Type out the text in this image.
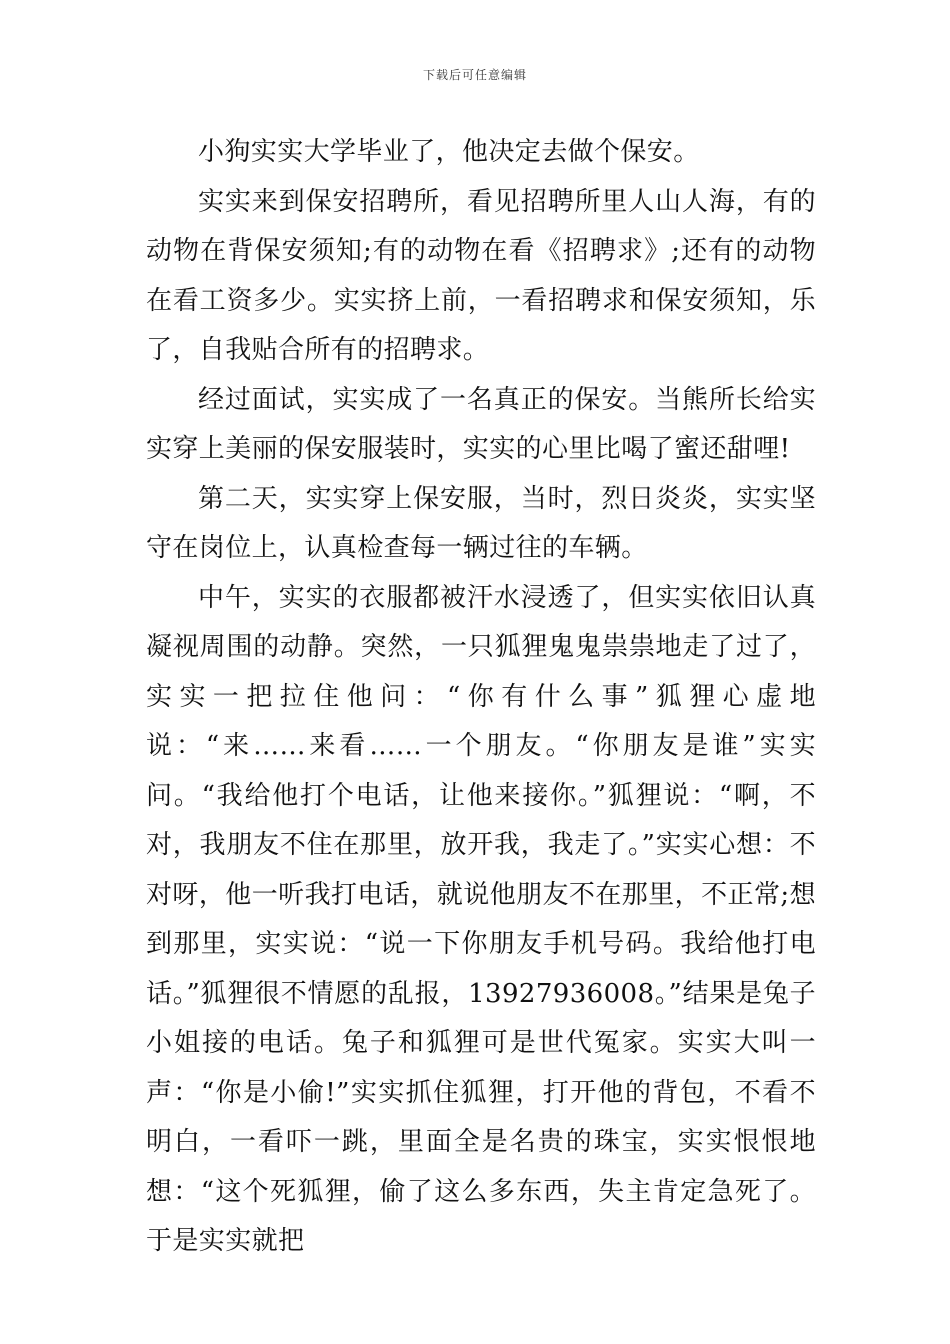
下载后可任意编辑

小狗实实大学毕业了，他决定去做个保安。

实实来到保安招聘所，看见招聘所里人山人海，有的动物在背保安须知;有的动物在看《招聘求》;还有的动物在看工资多少。实实挤上前，一看招聘求和保安须知，乐了，自我贴合所有的招聘求。

经过面试，实实成了一名真正的保安。当熊所长给实实穿上美丽的保安服装时，实实的心里比喝了蜜还甜哩!

第二天，实实穿上保安服，当时，烈日炎炎，实实坚守在岗位上，认真检查每一辆过往的车辆。

中午，实实的衣服都被汗水浸透了，但实实依旧认真凝视周围的动静。突然，一只狐狸鬼鬼祟祟地走了过了，实实一把拉住他问：“你有什么事”狐狸心虚地说：“来……来看……一个朋友。“你朋友是谁”实实问。“我给他打个电话，让他来接你。”狐狸说：“啊，不对，我朋友不住在那里，放开我，我走了。”实实心想：不对呀，他一听我打电话，就说他朋友不在那里，不正常;想到那里，实实说：“说一下你朋友手机号码。我给他打电话。”狐狸很不情愿的乱报，13927936008。”结果是兔子小姐接的电话。兔子和狐狸可是世代冤家。实实大叫一声：“你是小偷!”实实抓住狐狸，打开他的背包，不看不明白，一看吓一跳，里面全是名贵的珠宝，实实恨恨地想：“这个死狐狸，偷了这么多东西，失主肯定急死了。于是实实就把
